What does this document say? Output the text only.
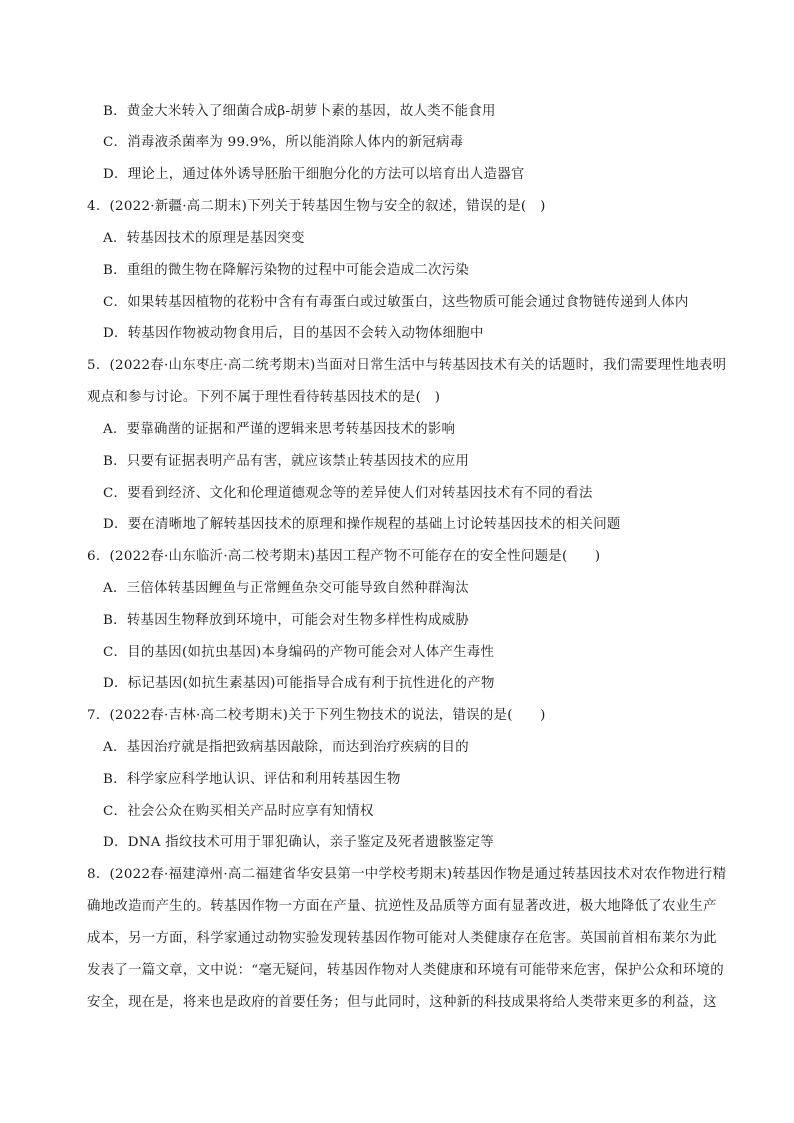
B．黄金大米转入了细菌合成β-胡萝卜素的基因，故人类不能食用
C．消毒液杀菌率为 99.9%，所以能消除人体内的新冠病毒
D．理论上，通过体外诱导胚胎干细胞分化的方法可以培育出人造器官
4．(2022·新疆·高二期末)下列关于转基因生物与安全的叙述，错误的是(　)
A．转基因技术的原理是基因突变
B．重组的微生物在降解污染物的过程中可能会造成二次污染
C．如果转基因植物的花粉中含有有毒蛋白或过敏蛋白，这些物质可能会通过食物链传递到人体内
D．转基因作物被动物食用后，目的基因不会转入动物体细胞中
5．(2022春·山东枣庄·高二统考期末)当面对日常生活中与转基因技术有关的话题时，我们需要理性地表明
观点和参与讨论。下列不属于理性看待转基因技术的是(　)
A．要靠确凿的证据和严谨的逻辑来思考转基因技术的影响
B．只要有证据表明产品有害，就应该禁止转基因技术的应用
C．要看到经济、文化和伦理道德观念等的差异使人们对转基因技术有不同的看法
D．要在清晰地了解转基因技术的原理和操作规程的基础上讨论转基因技术的相关问题
6．(2022春·山东临沂·高二校考期末)基因工程产物不可能存在的安全性问题是(　　)
A．三倍体转基因鲤鱼与正常鲤鱼杂交可能导致自然种群淘汰
B．转基因生物释放到环境中，可能会对生物多样性构成威胁
C．目的基因(如抗虫基因)本身编码的产物可能会对人体产生毒性
D．标记基因(如抗生素基因)可能指导合成有利于抗性进化的产物
7．(2022春·吉林·高二校考期末)关于下列生物技术的说法，错误的是(　　)
A．基因治疗就是指把致病基因敲除，而达到治疗疾病的目的
B．科学家应科学地认识、评估和利用转基因生物
C．社会公众在购买相关产品时应享有知情权
D．DNA 指纹技术可用于罪犯确认，亲子鉴定及死者遗骸鉴定等
8．(2022春·福建漳州·高二福建省华安县第一中学校考期末)转基因作物是通过转基因技术对农作物进行精
确地改造而产生的。转基因作物一方面在产量、抗逆性及品质等方面有显著改进，极大地降低了农业生产
成本，另一方面，科学家通过动物实验发现转基因作物可能对人类健康存在危害。英国前首相布莱尔为此
发表了一篇文章，文中说：“毫无疑问，转基因作物对人类健康和环境有可能带来危害，保护公众和环境的
安全，现在是，将来也是政府的首要任务；但与此同时，这种新的科技成果将给人类带来更多的利益，这
